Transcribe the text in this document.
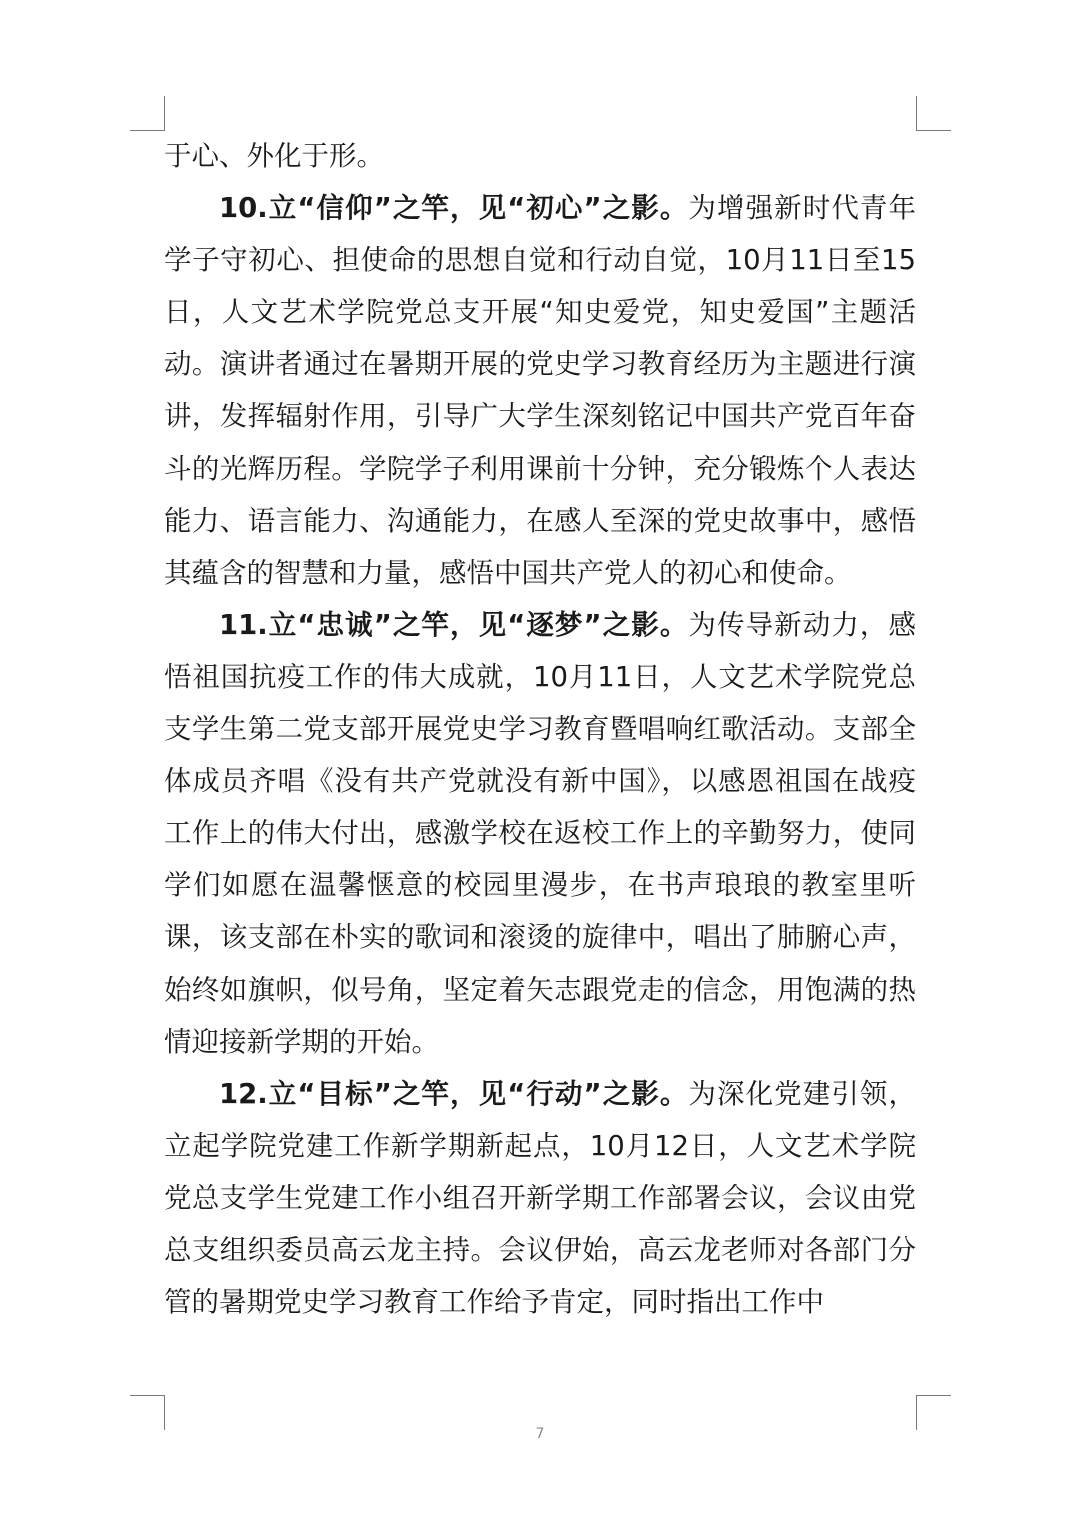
于心、外化于形。

10.立“信仰”之竿，见“初心”之影。为增强新时代青年学子守初心、担使命的思想自觉和行动自觉，10月11日至15日，人文艺术学院党总支开展“知史爱党，知史爱国”主题活动。演讲者通过在暑期开展的党史学习教育经历为主题进行演讲，发挥辐射作用，引导广大学生深刻铭记中国共产党百年奋斗的光辉历程。学院学子利用课前十分钟，充分锻炼个人表达能力、语言能力、沟通能力，在感人至深的党史故事中，感悟其蕴含的智慧和力量，感悟中国共产党人的初心和使命。

11.立“忠诚”之竿，见“逐梦”之影。为传导新动力，感悟祖国抗疫工作的伟大成就，10月11日，人文艺术学院党总支学生第二党支部开展党史学习教育暨唱响红歌活动。支部全体成员齐唱《没有共产党就没有新中国》，以感恩祖国在战疫工作上的伟大付出，感激学校在返校工作上的辛勤努力，使同学们如愿在温馨惬意的校园里漫步，在书声琅琅的教室里听课，该支部在朴实的歌词和滚烫的旋律中，唱出了肺腑心声，始终如旗帜，似号角，坚定着矢志跟党走的信念，用饱满的热情迎接新学期的开始。

12.立“目标”之竿，见“行动”之影。为深化党建引领，立起学院党建工作新学期新起点，10月12日，人文艺术学院党总支学生党建工作小组召开新学期工作部署会议，会议由党总支组织委员高云龙主持。会议伊始，高云龙老师对各部门分管的暑期党史学习教育工作给予肯定，同时指出工作中

7
